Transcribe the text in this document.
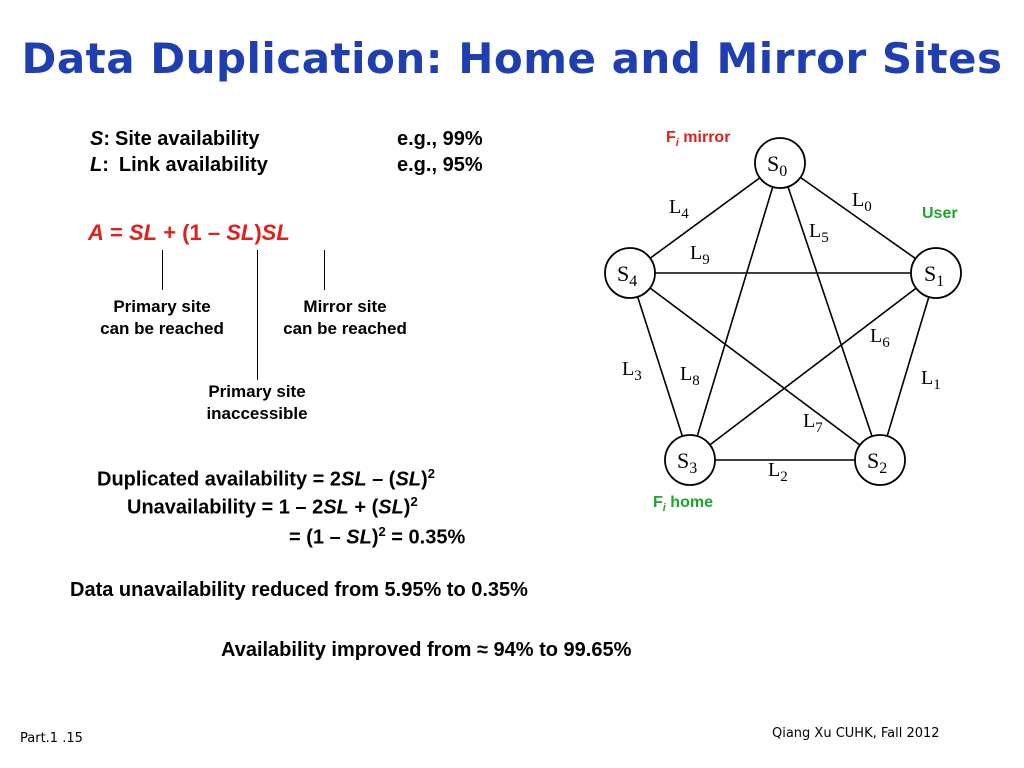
Data Duplication: Home and Mirror Sites
S: Site availability	e.g., 99%
L: Link availability	e.g., 95%
A = SL + (1 – SL)SL
Primary site
can be reached
Mirror site
can be reached
Primary site
inaccessible
Duplicated availability = 2SL – (SL)$^2$
Unavailability = 1 – 2SL + (SL)$^2$
= (1 – SL)$^2$ = 0.35%
Data unavailability reduced from 5.95% to 0.35%
Availability improved from ≈ 94% to 99.65%
$S_0$
$S_1$
$S_2$
$S_3$
$S_4$
$L_0$
$L_1$
$L_2$
$L_3$
$L_4$
$L_5$
$L_6$
$L_7$
$L_8$
$L_9$
$F_i$ mirror
$F_i$ home
User
Part.1 .15	Qiang Xu CUHK, Fall 2012
